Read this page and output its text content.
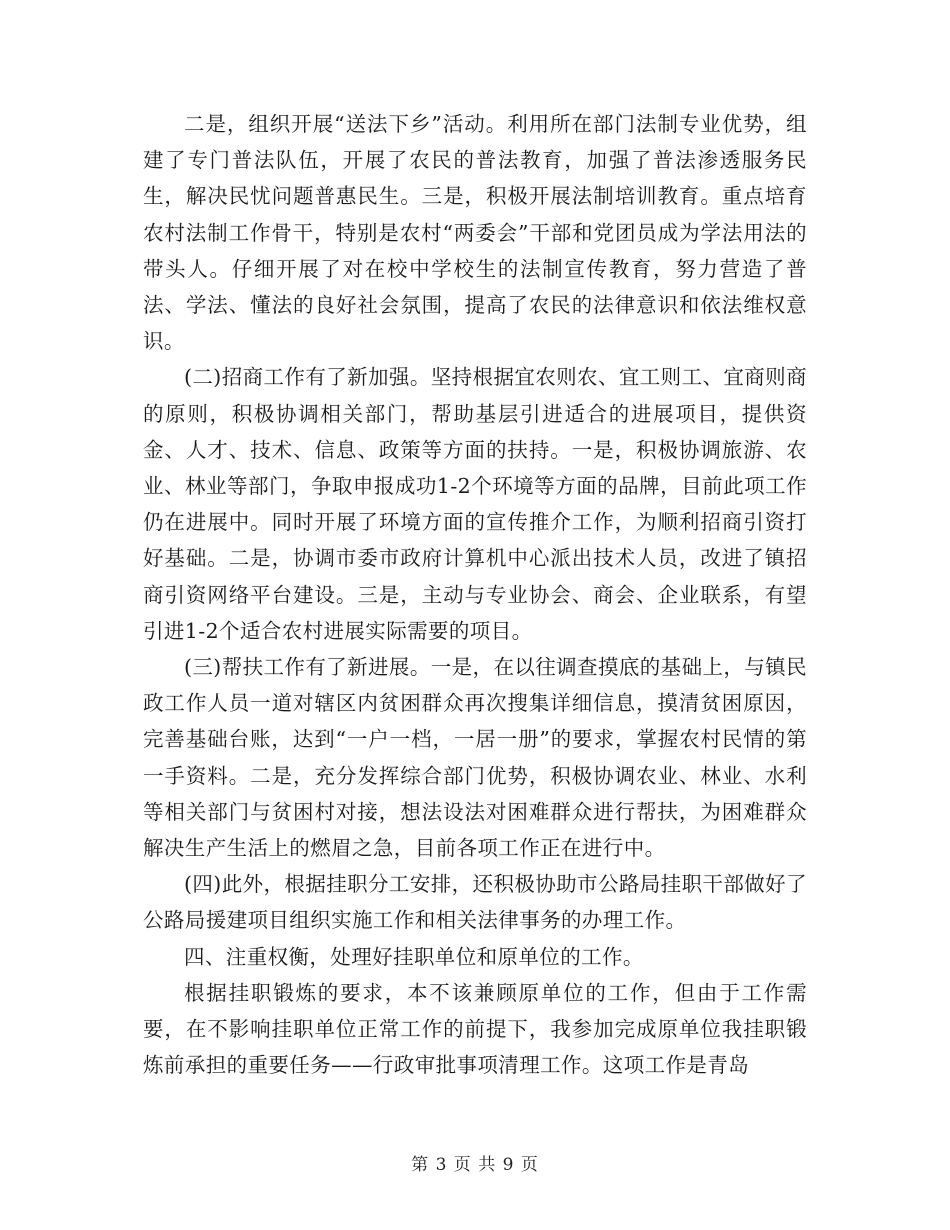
二是，组织开展“送法下乡”活动。利用所在部门法制专业优势，组建了专门普法队伍，开展了农民的普法教育，加强了普法渗透服务民生，解决民忧问题普惠民生。三是，积极开展法制培训教育。重点培育农村法制工作骨干，特别是农村“两委会”干部和党团员成为学法用法的带头人。仔细开展了对在校中学校生的法制宣传教育，努力营造了普法、学法、懂法的良好社会氛围，提高了农民的法律意识和依法维权意识。

(二)招商工作有了新加强。坚持根据宜农则农、宜工则工、宜商则商的原则，积极协调相关部门，帮助基层引进适合的进展项目，提供资金、人才、技术、信息、政策等方面的扶持。一是，积极协调旅游、农业、林业等部门，争取申报成功1-2个环境等方面的品牌，目前此项工作仍在进展中。同时开展了环境方面的宣传推介工作，为顺利招商引资打好基础。二是，协调市委市政府计算机中心派出技术人员，改进了镇招商引资网络平台建设。三是，主动与专业协会、商会、企业联系，有望引进1-2个适合农村进展实际需要的项目。

(三)帮扶工作有了新进展。一是，在以往调查摸底的基础上，与镇民政工作人员一道对辖区内贫困群众再次搜集详细信息，摸清贫困原因，完善基础台账，达到“一户一档，一居一册”的要求，掌握农村民情的第一手资料。二是，充分发挥综合部门优势，积极协调农业、林业、水利等相关部门与贫困村对接，想法设法对困难群众进行帮扶，为困难群众解决生产生活上的燃眉之急，目前各项工作正在进行中。

(四)此外，根据挂职分工安排，还积极协助市公路局挂职干部做好了公路局援建项目组织实施工作和相关法律事务的办理工作。

四、注重权衡，处理好挂职单位和原单位的工作。

根据挂职锻炼的要求，本不该兼顾原单位的工作，但由于工作需要，在不影响挂职单位正常工作的前提下，我参加完成原单位我挂职锻炼前承担的重要任务——行政审批事项清理工作。这项工作是青岛

第 3 页 共 9 页
